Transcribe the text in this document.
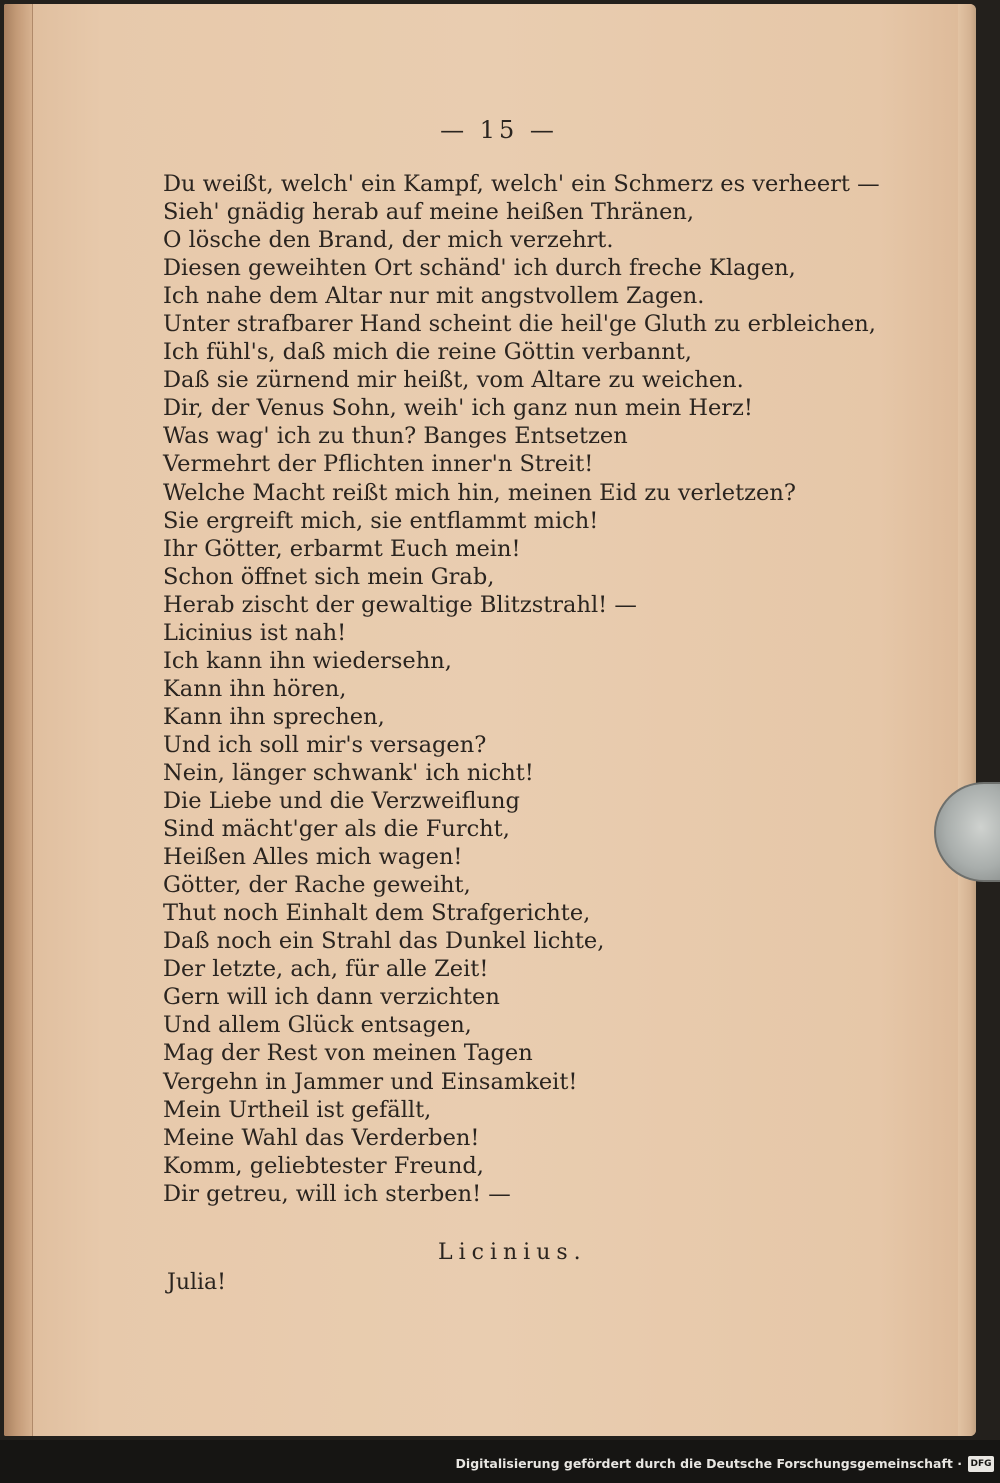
— 15 —
Du weißt, welch' ein Kampf, welch' ein Schmerz es verheert —
Sieh' gnädig herab auf meine heißen Thränen,
O lösche den Brand, der mich verzehrt.
Diesen geweihten Ort schänd' ich durch freche Klagen,
Ich nahe dem Altar nur mit angstvollem Zagen.
Unter strafbarer Hand scheint die heil'ge Gluth zu erbleichen,
Ich fühl's, daß mich die reine Göttin verbannt,
Daß sie zürnend mir heißt, vom Altare zu weichen.
Dir, der Venus Sohn, weih' ich ganz nun mein Herz!
Was wag' ich zu thun? Banges Entsetzen
Vermehrt der Pflichten inner'n Streit!
Welche Macht reißt mich hin, meinen Eid zu verletzen?
Sie ergreift mich, sie entflammt mich!
Ihr Götter, erbarmt Euch mein!
Schon öffnet sich mein Grab,
Herab zischt der gewaltige Blitzstrahl! —
Licinius ist nah!
Ich kann ihn wiedersehn,
Kann ihn hören,
Kann ihn sprechen,
Und ich soll mir's versagen?
Nein, länger schwank' ich nicht!
Die Liebe und die Verzweiflung
Sind mächt'ger als die Furcht,
Heißen Alles mich wagen!
Götter, der Rache geweiht,
Thut noch Einhalt dem Strafgerichte,
Daß noch ein Strahl das Dunkel lichte,
Der letzte, ach, für alle Zeit!
Gern will ich dann verzichten
Und allem Glück entsagen,
Mag der Rest von meinen Tagen
Vergehn in Jammer und Einsamkeit!
Mein Urtheil ist gefällt,
Meine Wahl das Verderben!
Komm, geliebtester Freund,
Dir getreu, will ich sterben! —
Licinius.
Julia!
Digitalisierung gefördert durch die Deutsche Forschungsgemeinschaft · DFG
